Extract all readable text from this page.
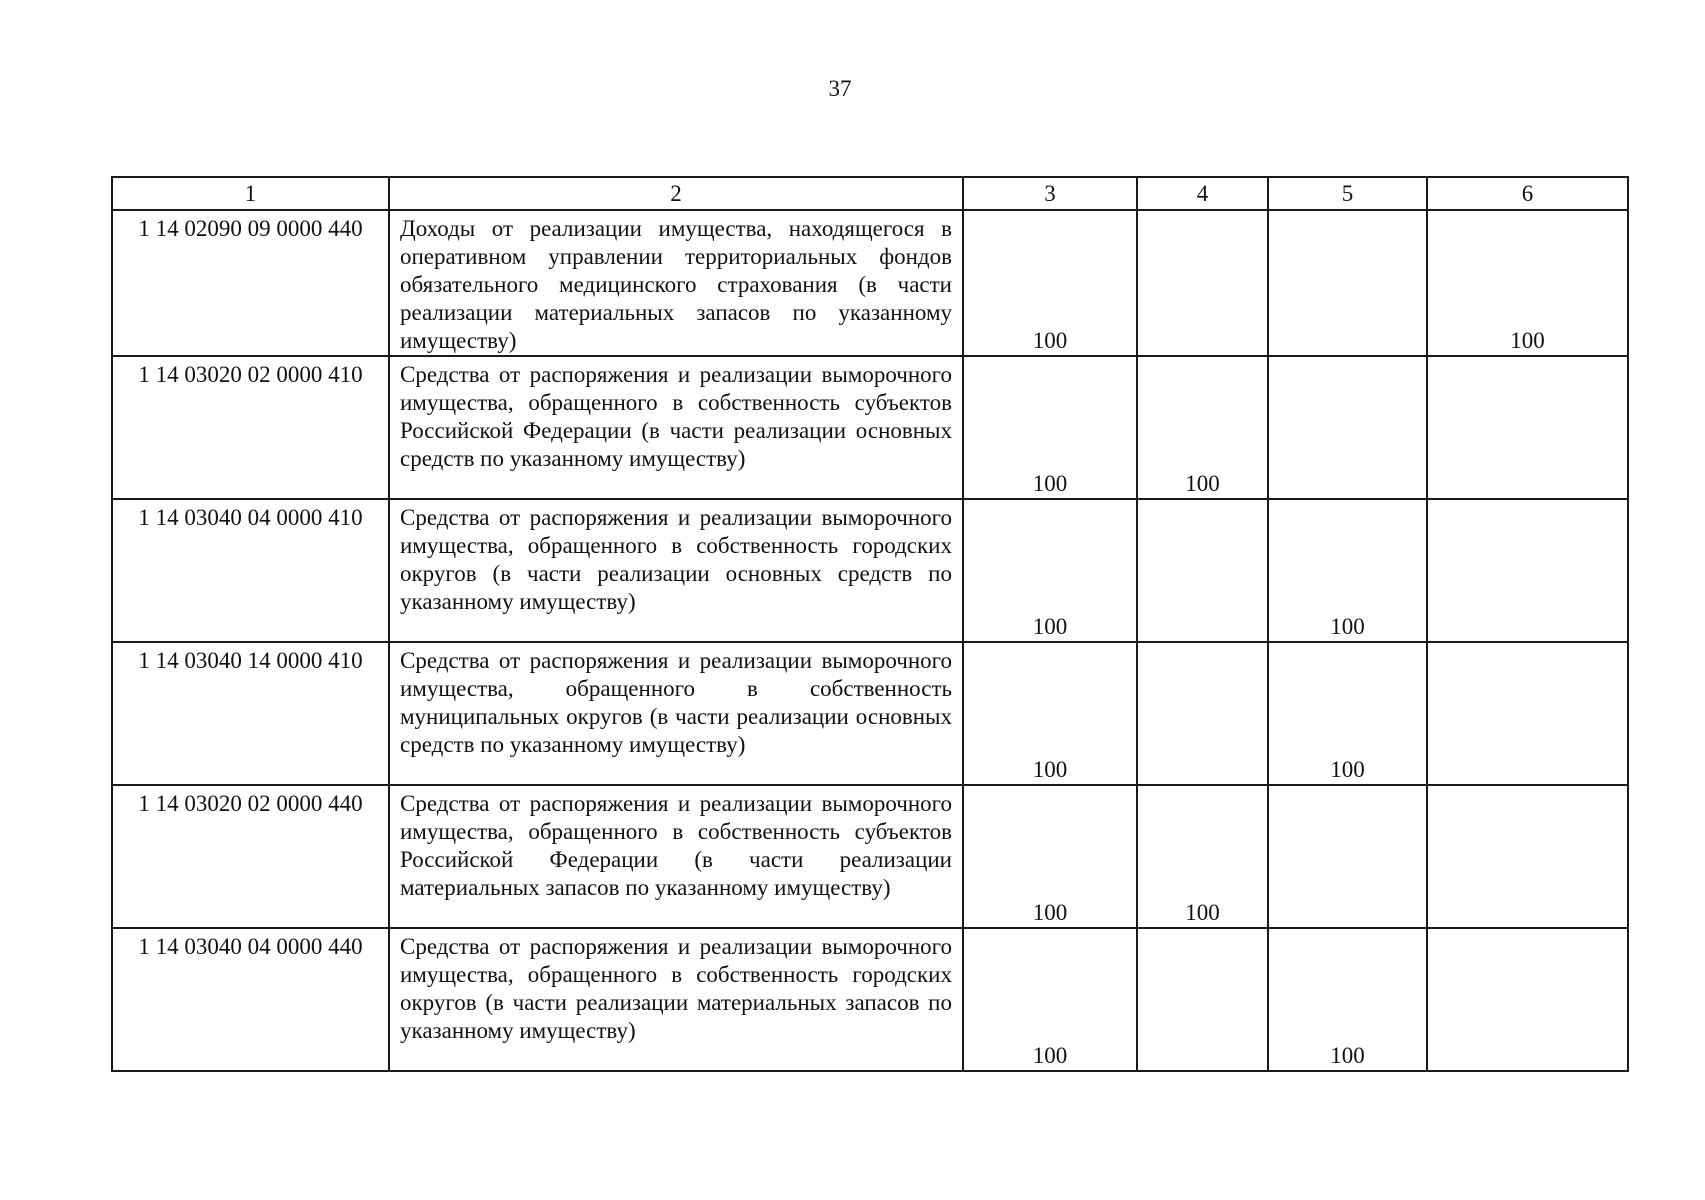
37
1	2	3	4	5	6
1 14 02090 09 0000 440	Доходы от реализации имущества, находящегося в оперативном управлении территориальных фондов обязательного медицинского страхования (в части реализации материальных запасов по указанному имуществу)	100			100
1 14 03020 02 0000 410	Средства от распоряжения и реализации выморочного имущества, обращенного в собственность субъектов Российской Федерации (в части реализации основных средств по указанному имуществу)	100	100		
1 14 03040 04 0000 410	Средства от распоряжения и реализации выморочного имущества, обращенного в собственность городских округов (в части реализации основных средств по указанному имуществу)	100		100	
1 14 03040 14 0000 410	Средства от распоряжения и реализации выморочного имущества, обращенного в собственность муниципальных округов (в части реализации основных средств по указанному имуществу)	100		100	
1 14 03020 02 0000 440	Средства от распоряжения и реализации выморочного имущества, обращенного в собственность субъектов Российской Федерации (в части реализации материальных запасов по указанному имуществу)	100	100		
1 14 03040 04 0000 440	Средства от распоряжения и реализации выморочного имущества, обращенного в собственность городских округов (в части реализации материальных запасов по указанному имуществу)	100		100	
